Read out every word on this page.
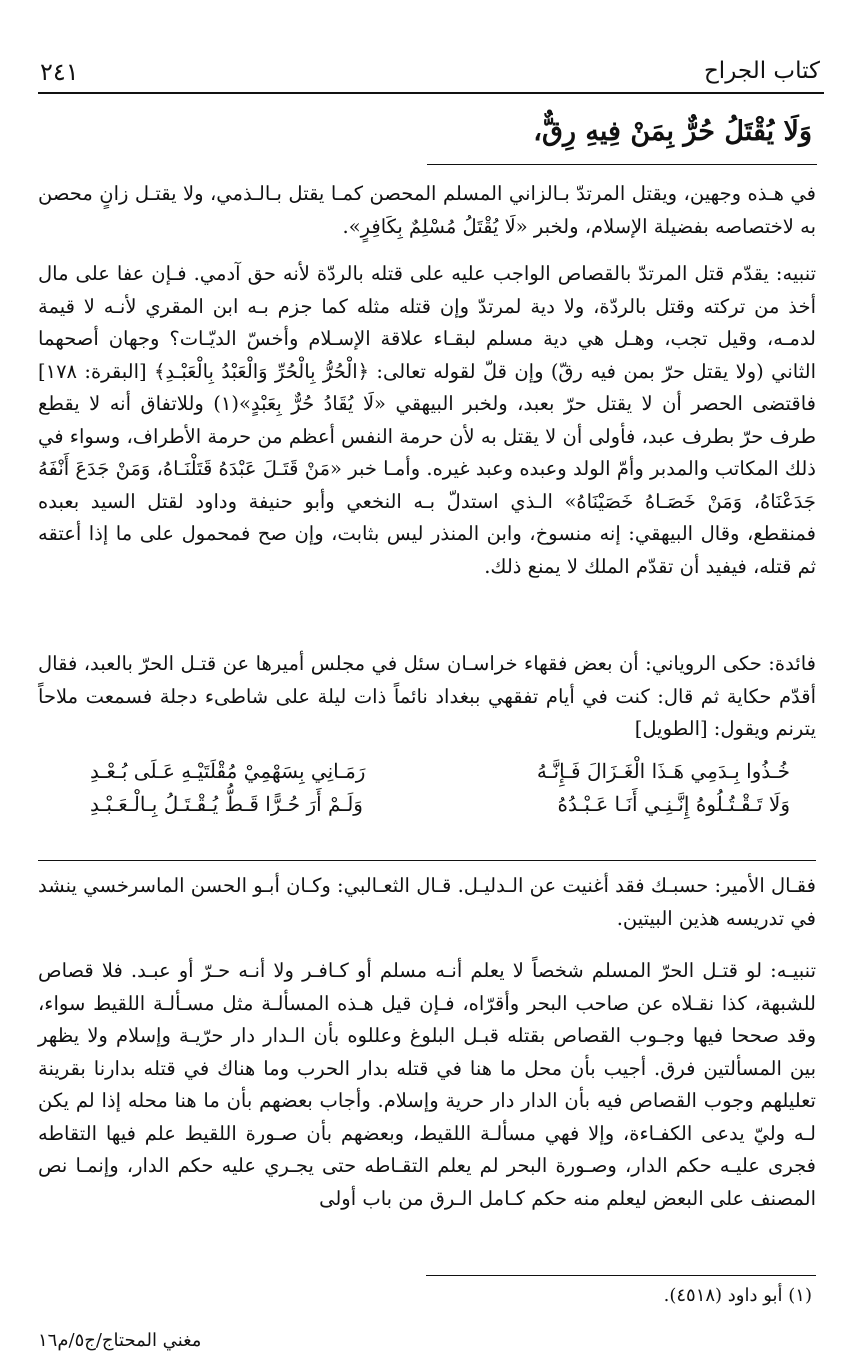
كتاب الجراح
٢٤١
وَلَا يُقْتَلُ حُرٌّ بِمَنْ فِيهِ رِقٌّ،
في هـذه وجهين، ويقتل المرتدّ بـالزاني المسلم المحصن كمـا يقتل بـالـذمي، ولا يقتـل زانٍ محصن به لاختصاصه بفضيلة الإسلام، ولخبر «لَا يُقْتَلُ مُسْلِمٌ بِكَافِرٍ».
تنبيه: يقدّم قتل المرتدّ بالقصاص الواجب عليه على قتله بالردّة لأنه حق آدمي. فـإن عفا على مال أخذ من تركته وقتل بالردّة، ولا دية لمرتدّ وإن قتله مثله كما جزم بـه ابن المقري لأنـه لا قيمة لدمـه، وقيل تجب، وهـل هي دية مسلم لبقـاء علاقة الإسـلام وأخسّ الديّـات؟ وجهان أصحهما الثاني (ولا يقتل حرّ بمن فيه رقّ) وإن قلّ لقوله تعالى: ﴿الْحُرُّ بِالْحُرِّ وَالْعَبْدُ بِالْعَبْـدِ﴾ [البقرة: ١٧٨] فاقتضى الحصر أن لا يقتل حرّ بعبد، ولخبر البيهقي «لَا يُقَادُ حُرٌّ بِعَبْدٍ»(١) وللاتفاق أنه لا يقطع طرف حرّ بطرف عبد، فأولى أن لا يقتل به لأن حرمة النفس أعظم من حرمة الأطراف، وسواء في ذلك المكاتب والمدبر وأمّ الولد وعبده وعبد غيره. وأمـا خبر «مَنْ قَتَـلَ عَبْدَهُ قَتَلْنَـاهُ، وَمَنْ جَدَعَ أَنْفَهُ جَدَعْنَاهُ، وَمَنْ خَصَـاهُ خَصَيْنَاهُ» الـذي استدلّ بـه النخعي وأبو حنيفة وداود لقتل السيد بعبده فمنقطع، وقال البيهقي: إنه منسوخ، وابن المنذر ليس بثابت، وإن صح فمحمول على ما إذا أعتقه ثم قتله، فيفيد أن تقدّم الملك لا يمنع ذلك.
فائدة: حكى الروياني: أن بعض فقهاء خراسـان سئل في مجلس أميرها عن قتـل الحرّ بالعبد، فقال أقدّم حكاية ثم قال: كنت في أيام تفقهي ببغداد نائماً ذات ليلة على شاطىء دجلة فسمعت ملاحاً يترنم ويقول: [الطويل]
خُـذُوا بِـدَمِي هَـذَا الْغَـزَالَ فَـإِنَّـهُ
رَمَـانِي بِسَهْمِيْ مُقْلَتَيْـهِ عَـلَى بُـعْـدِ
وَلَا تَـقْـتُـلُوهُ إِنَّـنِـي أَنَـا عَـبْـدُهُ
وَلَـمْ أَرَ حُـرًّا قَـطُّ يُـقْـتَـلُ بِـالْـعَـبْـدِ
فقـال الأمير: حسبـك فقد أغنيت عن الـدليـل. قـال الثعـالبي: وكـان أبـو الحسن الماسرخسي ينشد في تدريسه هذين البيتين.
تنبيـه: لو قتـل الحرّ المسلم شخصاً لا يعلم أنـه مسلم أو كـافـر ولا أنـه حـرّ أو عبـد. فلا قصاص للشبهة، كذا نقـلاه عن صاحب البحر وأقرّاه، فـإن قيل هـذه المسألـة مثل مسـألـة اللقيط سواء، وقد صححا فيها وجـوب القصاص بقتله قبـل البلوغ وعللوه بأن الـدار دار حرّيـة وإسلام ولا يظهر بين المسألتين فرق. أجيب بأن محل ما هنا في قتله بدار الحرب وما هناك في قتله بدارنا بقرينة تعليلهم وجوب القصاص فيه بأن الدار دار حرية وإسلام. وأجاب بعضهم بأن ما هنا محله إذا لم يكن لـه وليّ يدعى الكفـاءة، وإلا فهي مسألـة اللقيط، وبعضهم بأن صـورة اللقيط علم فيها التقاطه فجرى عليـه حكم الدار، وصـورة البحر لم يعلم التقـاطه حتى يجـري عليه حكم الدار، وإنمـا نص المصنف على البعض ليعلم منه حكم كـامل الـرق من باب أولى
(١) أبو داود (٤٥١٨).
مغني المحتاج/ج٥/م١٦
